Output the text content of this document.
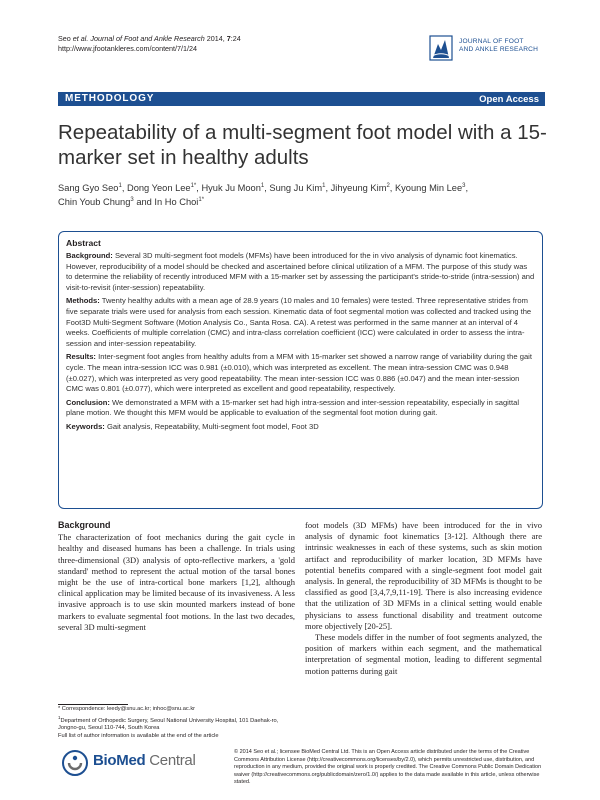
Seo et al. Journal of Foot and Ankle Research 2014, 7:24
http://www.jfootankleres.com/content/7/1/24
JOURNAL OF FOOT
AND ANKLE RESEARCH
METHODOLOGY	Open Access
Repeatability of a multi-segment foot model with a 15-marker set in healthy adults
Sang Gyo Seo$^1$, Dong Yeon Lee$^{1*}$, Hyuk Ju Moon$^1$, Sung Ju Kim$^1$, Jihyeung Kim$^2$, Kyoung Min Lee$^3$,
Chin Youb Chung$^3$ and In Ho Choi$^{1*}$
Abstract

Background: Several 3D multi-segment foot models (MFMs) have been introduced for the in vivo analysis of dynamic foot kinematics. However, reproducibility of a model should be checked and ascertained before clinical utilization of a MFM. The purpose of this study was to determine the reliability of recently introduced MFM with a 15-marker set by assessing the participant's stride-to-stride (intra-session) and visit-to-revisit (inter-session) repeatability.

Methods: Twenty healthy adults with a mean age of 28.9 years (10 males and 10 females) were tested. Three representative strides from five separate trials were used for analysis from each session. Kinematic data of foot segmental motion was collected and tracked using the Foot3D Multi-Segment Software (Motion Analysis Co., Santa Rosa. CA). A retest was performed in the same manner at an interval of 4 weeks. Coefficients of multiple correlation (CMC) and intra-class correlation coefficient (ICC) were calculated in order to assess the intra-session and inter-session repeatability.

Results: Inter-segment foot angles from healthy adults from a MFM with 15-marker set showed a narrow range of variability during the gait cycle. The mean intra-session ICC was 0.981 (±0.010), which was interpreted as excellent. The mean intra-session CMC was 0.948 (±0.027), which was interpreted as very good repeatability. The mean inter-session ICC was 0.886 (±0.047) and the mean inter-session CMC was 0.801 (±0.077), which were interpreted as excellent and good repeatability, respectively.

Conclusion: We demonstrated a MFM with a 15-marker set had high intra-session and inter-session repeatability, especially in sagittal plane motion. We thought this MFM would be applicable to evaluation of the segmental foot motion during gait.

Keywords: Gait analysis, Repeatability, Multi-segment foot model, Foot 3D

Background

The characterization of foot mechanics during the gait cycle in healthy and diseased humans has been a challenge. In trials using three-dimensional (3D) analysis of opto-reflective markers, a 'gold standard' method to represent the actual motion of the tarsal bones might be the use of intra-cortical bone markers [1,2], although clinical application may be limited because of its invasiveness. A less invasive approach is to use skin mounted markers instead of bone markers to evaluate segmental foot motions. In the last two decades, several 3D multi-segment

foot models (3D MFMs) have been introduced for the in vivo analysis of dynamic foot kinematics [3-12]. Although there are intrinsic weaknesses in each of these systems, such as skin motion artifact and reproducibility of marker location, 3D MFMs have potential benefits compared with a single-segment foot model gait analysis. In general, the reproducibility of 3D MFMs is thought to be classified as good [3,4,7,9,11-19]. There is also increasing evidence that the utilization of 3D MFMs in a clinical setting would enable physicians to assess functional disability and treatment outcome more objectively [20-25].

These models differ in the number of foot segments analyzed, the position of markers within each segment, and the mathematical interpretation of segmental motion, leading to different segmental motion patterns during gait

* Correspondence: leedy@snu.ac.kr; inhoc@snu.ac.kr
$^1$Department of Orthopedic Surgery, Seoul National University Hospital, 101 Daehak-ro, Jongno-gu, Seoul 110-744, South Korea
Full list of author information is available at the end of the article
BioMed Central	© 2014 Seo et al.; licensee BioMed Central Ltd. This is an Open Access article distributed under the terms of the Creative Commons Attribution License (http://creativecommons.org/licenses/by/2.0), which permits unrestricted use, distribution, and reproduction in any medium, provided the original work is properly credited. The Creative Commons Public Domain Dedication waiver (http://creativecommons.org/publicdomain/zero/1.0/) applies to the data made available in this article, unless otherwise stated.
